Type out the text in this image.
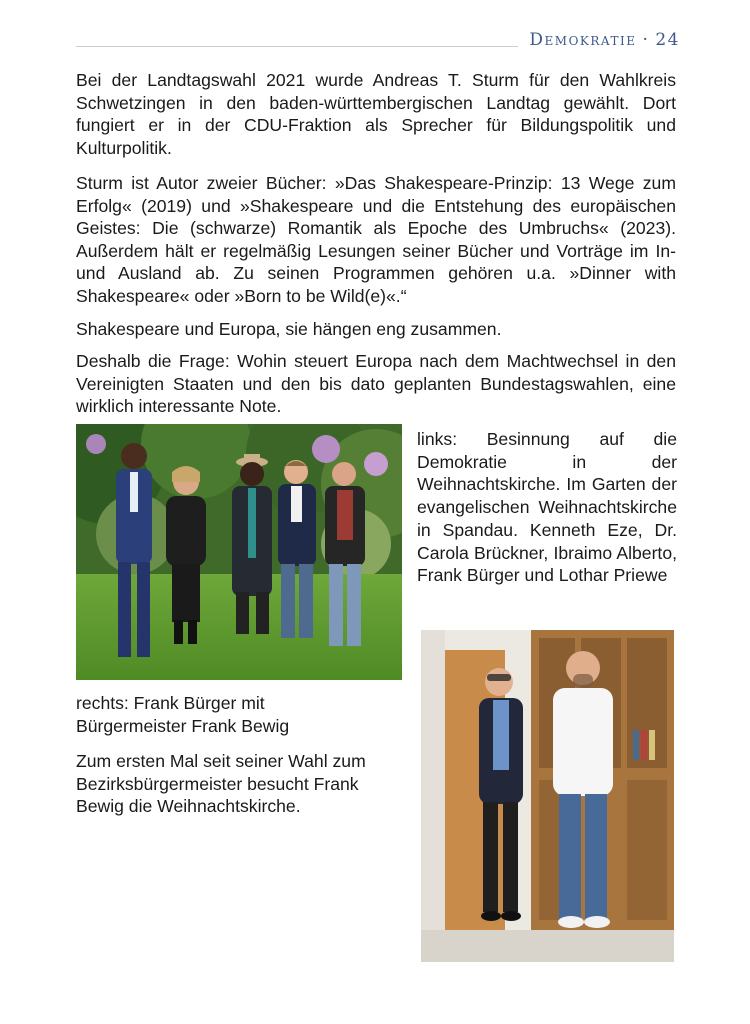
Demokratie · 24

Bei der Landtagswahl 2021 wurde Andreas T. Sturm für den Wahlkreis Schwetzingen in den baden-württembergischen Landtag gewählt. Dort fungiert er in der CDU-Fraktion als Sprecher für Bildungspolitik und Kulturpolitik.

Sturm ist Autor zweier Bücher: »Das Shakespeare-Prinzip: 13 Wege zum Erfolg« (2019) und »Shakespeare und die Entstehung des europäischen Geistes: Die (schwarze) Romantik als Epoche des Umbruchs« (2023). Außerdem hält er regelmäßig Lesungen seiner Bücher und Vorträge im In- und Ausland ab. Zu seinen Programmen gehören u.a. »Dinner with Shakespeare« oder »Born to be Wild(e)«.“

Shakespeare und Europa, sie hängen eng zusammen.

Deshalb die Frage: Wohin steuert Europa nach dem Machtwechsel in den Vereinigten Staaten und den bis dato geplanten Bundestagswahlen, eine wirklich interessante Note.

links: Besinnung auf die Demokratie in der Weihnachtskirche. Im Garten der evangelischen Weihnachtskirche in Spandau. Kenneth Eze, Dr. Carola Brückner, Ibraimo Alberto, Frank Bürger und Lothar Priewe

rechts: Frank Bürger mit
Bürgermeister Frank Bewig

Zum ersten Mal seit seiner Wahl zum Bezirksbürgermeister besucht Frank Bewig die Weihnachtskirche.
